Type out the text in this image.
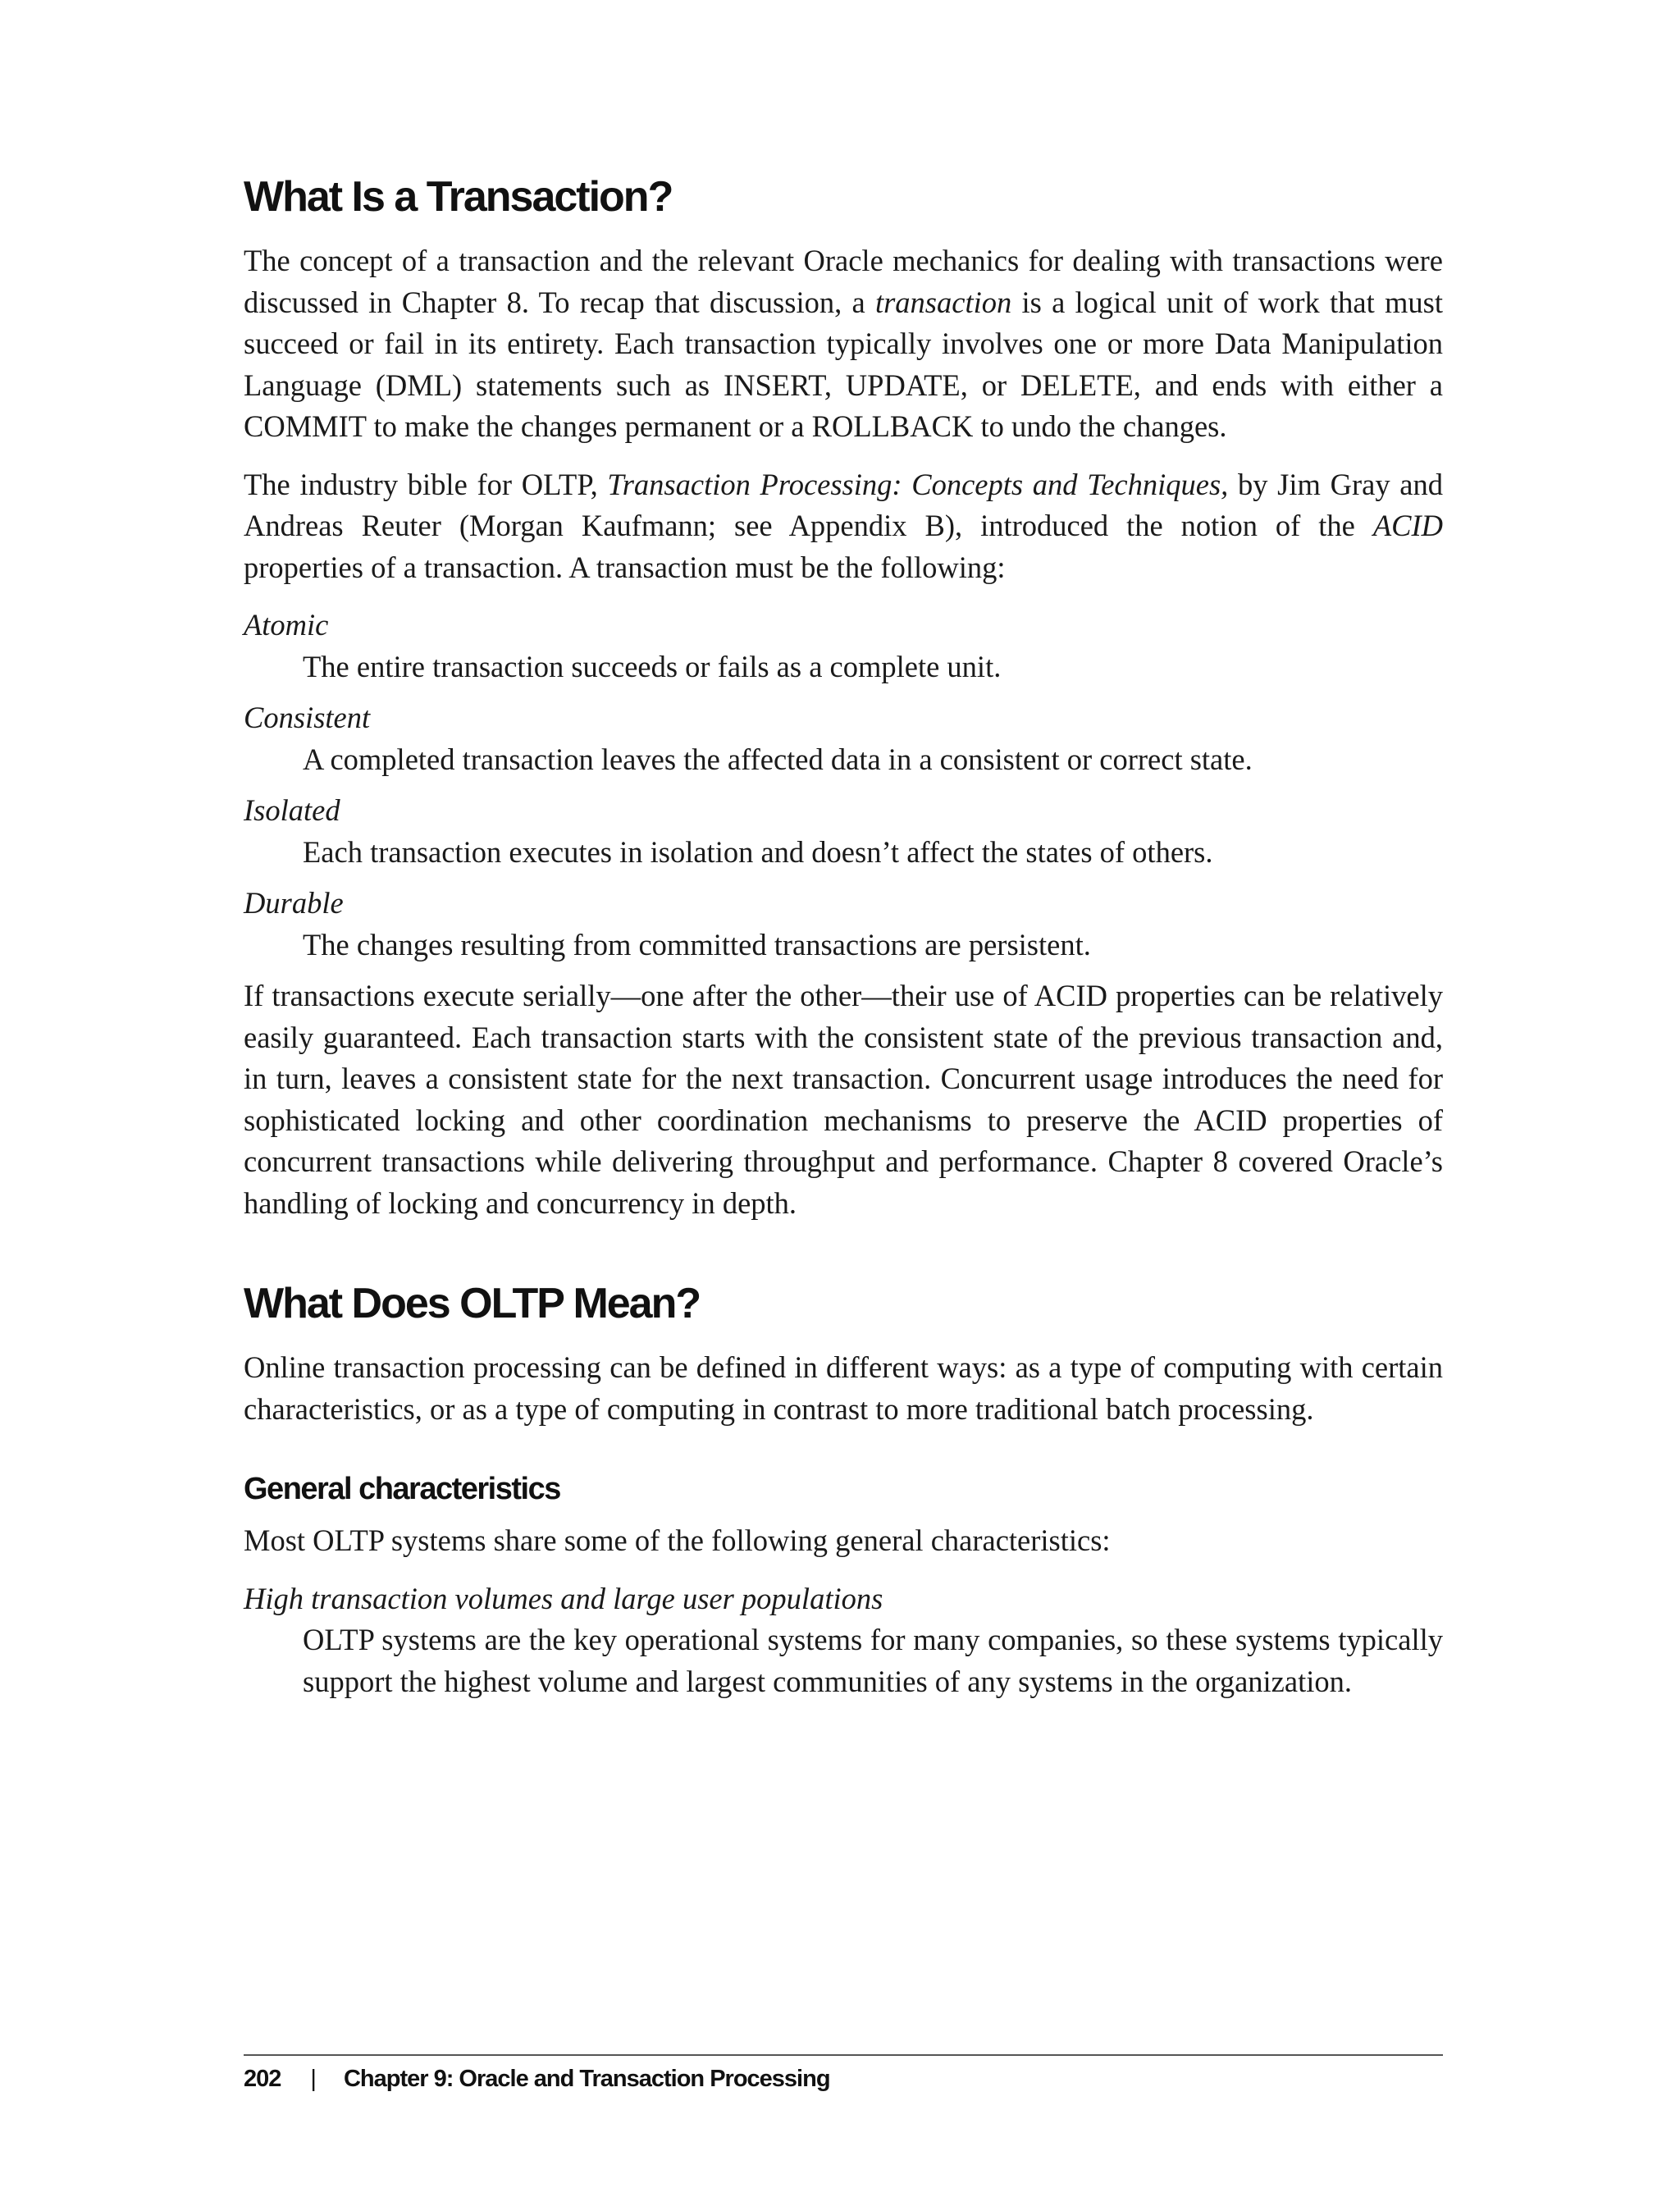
What Is a Transaction?

The concept of a transaction and the relevant Oracle mechanics for dealing with transactions were discussed in Chapter 8. To recap that discussion, a transaction is a logical unit of work that must succeed or fail in its entirety. Each transaction typically involves one or more Data Manipulation Language (DML) statements such as INSERT, UPDATE, or DELETE, and ends with either a COMMIT to make the changes permanent or a ROLLBACK to undo the changes.

The industry bible for OLTP, Transaction Processing: Concepts and Techniques, by Jim Gray and Andreas Reuter (Morgan Kaufmann; see Appendix B), introduced the notion of the ACID properties of a transaction. A transaction must be the following:

Atomic
The entire transaction succeeds or fails as a complete unit.
Consistent
A completed transaction leaves the affected data in a consistent or correct state.
Isolated
Each transaction executes in isolation and doesn’t affect the states of others.
Durable
The changes resulting from committed transactions are persistent.

If transactions execute serially—one after the other—their use of ACID properties can be relatively easily guaranteed. Each transaction starts with the consistent state of the previous transaction and, in turn, leaves a consistent state for the next transaction. Concurrent usage introduces the need for sophisticated locking and other coordination mechanisms to preserve the ACID properties of concurrent transactions while delivering throughput and performance. Chapter 8 covered Oracle’s handling of locking and concurrency in depth.

What Does OLTP Mean?

Online transaction processing can be defined in different ways: as a type of computing with certain characteristics, or as a type of computing in contrast to more traditional batch processing.

General characteristics

Most OLTP systems share some of the following general characteristics:

High transaction volumes and large user populations
OLTP systems are the key operational systems for many companies, so these systems typically support the highest volume and largest communities of any systems in the organization.
202 | Chapter 9: Oracle and Transaction Processing
